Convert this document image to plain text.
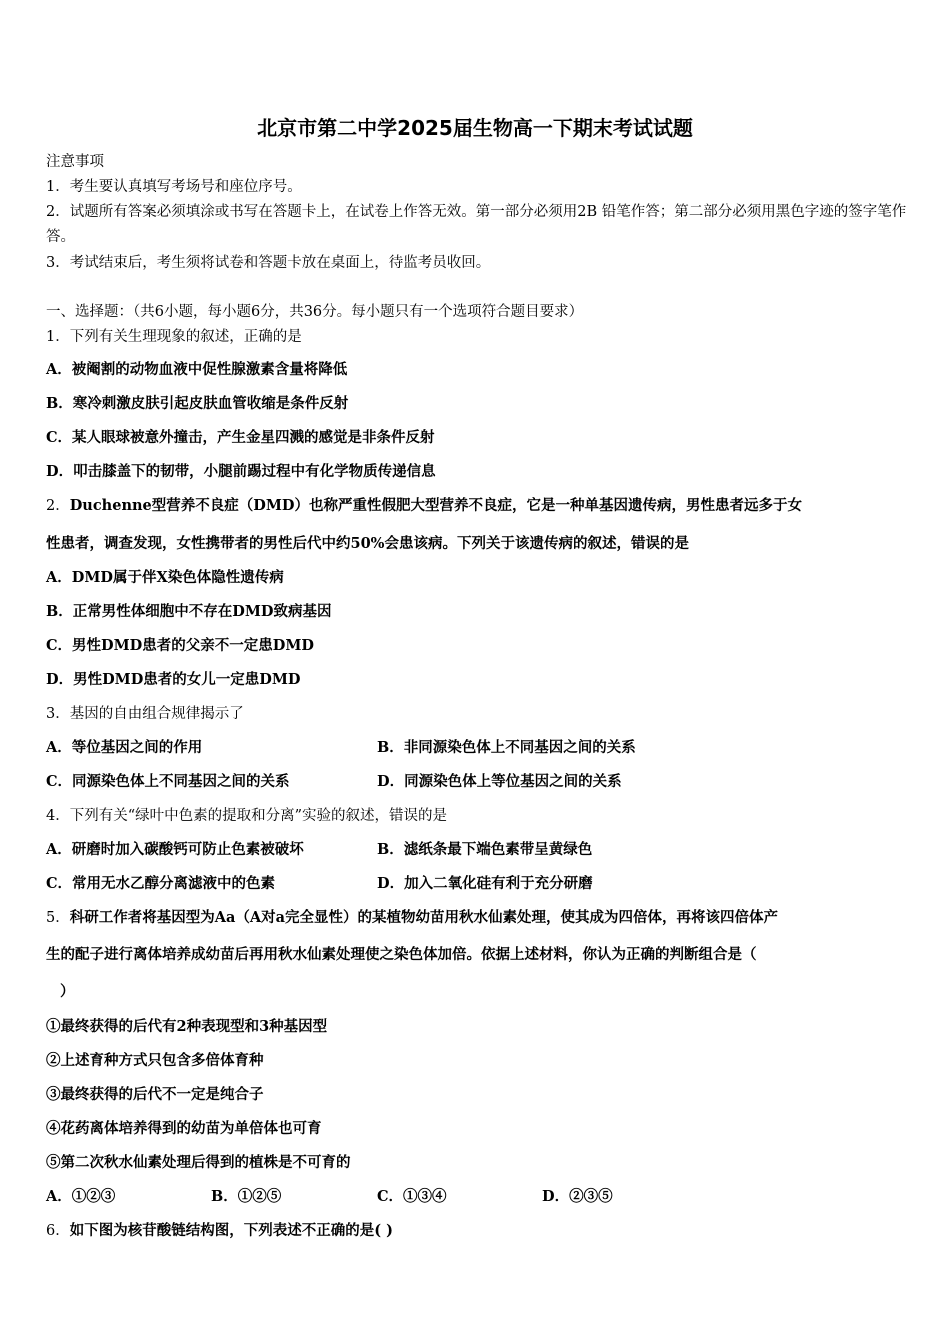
北京市第二中学2025届生物高一下期末考试试题
注意事项
1．考生要认真填写考场号和座位序号。
2．试题所有答案必须填涂或书写在答题卡上，在试卷上作答无效。第一部分必须用2B 铅笔作答；第二部分必须用黑色字迹的签字笔作答。
3．考试结束后，考生须将试卷和答题卡放在桌面上，待监考员收回。
一、选择题：（共6小题，每小题6分，共36分。每小题只有一个选项符合题目要求）
1．下列有关生理现象的叙述，正确的是
A．被阉割的动物血液中促性腺激素含量将降低
B．寒冷刺激皮肤引起皮肤血管收缩是条件反射
C．某人眼球被意外撞击，产生金星四溅的感觉是非条件反射
D．叩击膝盖下的韧带，小腿前踢过程中有化学物质传递信息
2．Duchenne型营养不良症（DMD）也称严重性假肥大型营养不良症，它是一种单基因遗传病，男性患者远多于女
性患者，调查发现，女性携带者的男性后代中约50%会患该病。下列关于该遗传病的叙述，错误的是
A．DMD属于伴X染色体隐性遗传病
B．正常男性体细胞中不存在DMD致病基因
C．男性DMD患者的父亲不一定患DMD
D．男性DMD患者的女儿一定患DMD
3．基因的自由组合规律揭示了
A．等位基因之间的作用	B．非同源染色体上不同基因之间的关系
C．同源染色体上不同基因之间的关系	D．同源染色体上等位基因之间的关系
4．下列有关“绿叶中色素的提取和分离”实验的叙述，错误的是
A．研磨时加入碳酸钙可防止色素被破坏	B．滤纸条最下端色素带呈黄绿色
C．常用无水乙醇分离滤液中的色素	D．加入二氧化硅有利于充分研磨
5．科研工作者将基因型为Aa（A对a完全显性）的某植物幼苗用秋水仙素处理，使其成为四倍体，再将该四倍体产
生的配子进行离体培养成幼苗后再用秋水仙素处理使之染色体加倍。依据上述材料，你认为正确的判断组合是（
）
①最终获得的后代有2种表现型和3种基因型
②上述育种方式只包含多倍体育种
③最终获得的后代不一定是纯合子
④花药离体培养得到的幼苗为单倍体也可育
⑤第二次秋水仙素处理后得到的植株是不可育的
A．①②③	B．①②⑤	C．①③④	D．②③⑤
6．如下图为核苷酸链结构图，下列表述不正确的是( )
